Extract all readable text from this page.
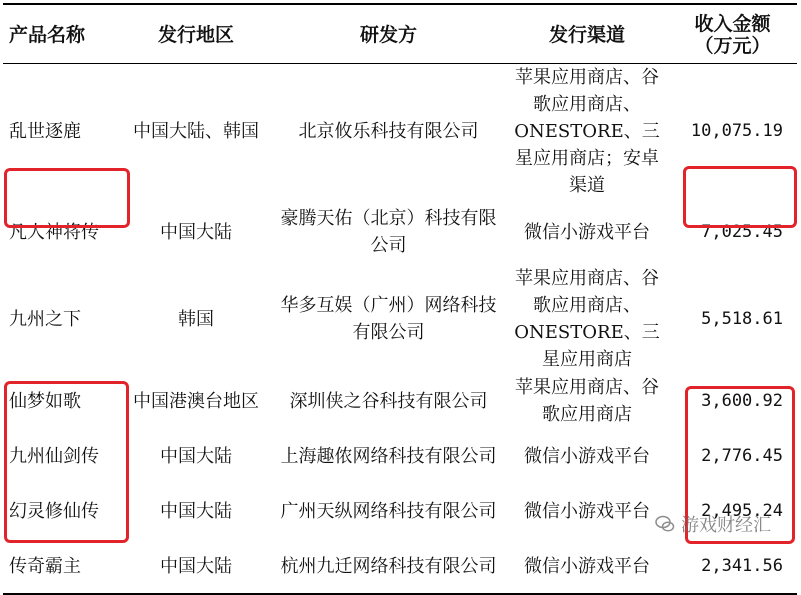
产品名称	发行地区	研发方	发行渠道	收入金额
（万元）
乱世逐鹿	中国大陆、韩国	北京攸乐科技有限公司	苹果应用商店、谷歌应用商店、ONESTORE、三星应用商店；安卓渠道	10,075.19
凡人神将传	中国大陆	豪腾天佑（北京）科技有限公司	微信小游戏平台	7,025.45
九州之下	韩国	华多互娱（广州）网络科技有限公司	苹果应用商店、谷歌应用商店、ONESTORE、三星应用商店	5,518.61
仙梦如歌	中国港澳台地区	深圳侠之谷科技有限公司	苹果应用商店、谷歌应用商店	3,600.92
九州仙剑传	中国大陆	上海趣侬网络科技有限公司	微信小游戏平台	2,776.45
幻灵修仙传	中国大陆	广州天纵网络科技有限公司	微信小游戏平台	2,495.24
传奇霸主	中国大陆	杭州九迁网络科技有限公司	微信小游戏平台	2,341.56
游戏财经汇
